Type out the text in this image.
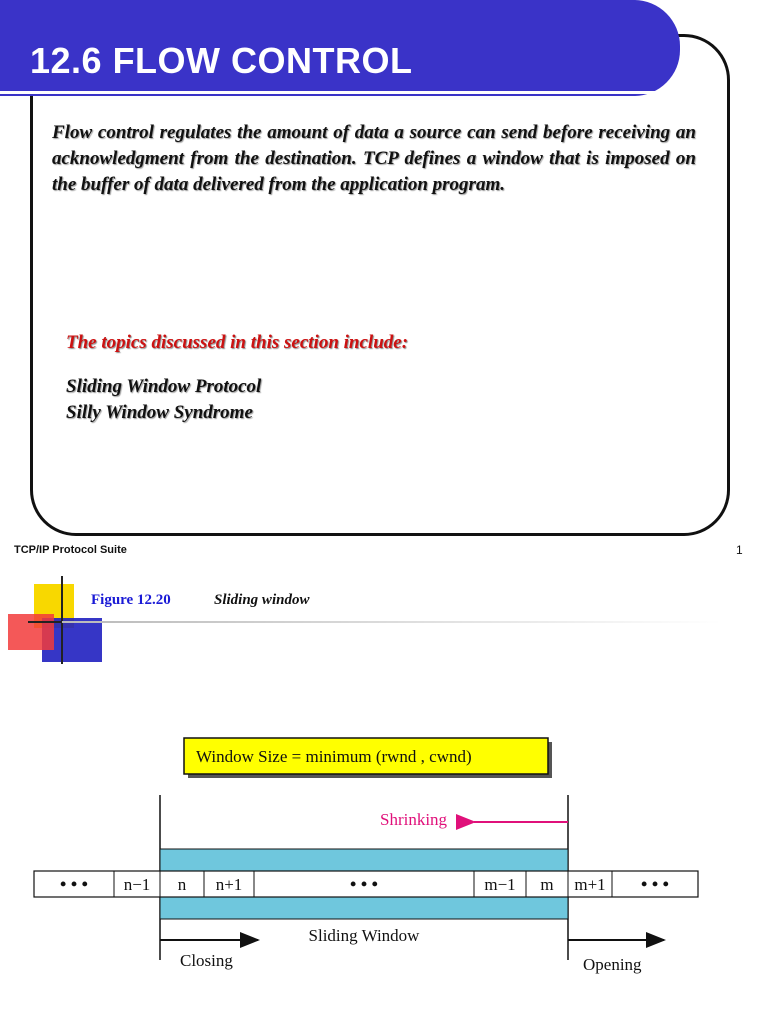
12.6 FLOW CONTROL

Flow control regulates the amount of data a source can send before receiving an acknowledgment from the destination. TCP defines a window that is imposed on the buffer of data delivered from the application program.

The topics discussed in this section include:

Sliding Window Protocol

Silly Window Syndrome

TCP/IP Protocol Suite	1
Figure 12.20	Sliding window
Window Size = minimum (rwnd , cwnd)
Shrinking
• • • n−1 n n+1	• • •	m−1 m m+1 • • •
Sliding Window
Closing	Opening
